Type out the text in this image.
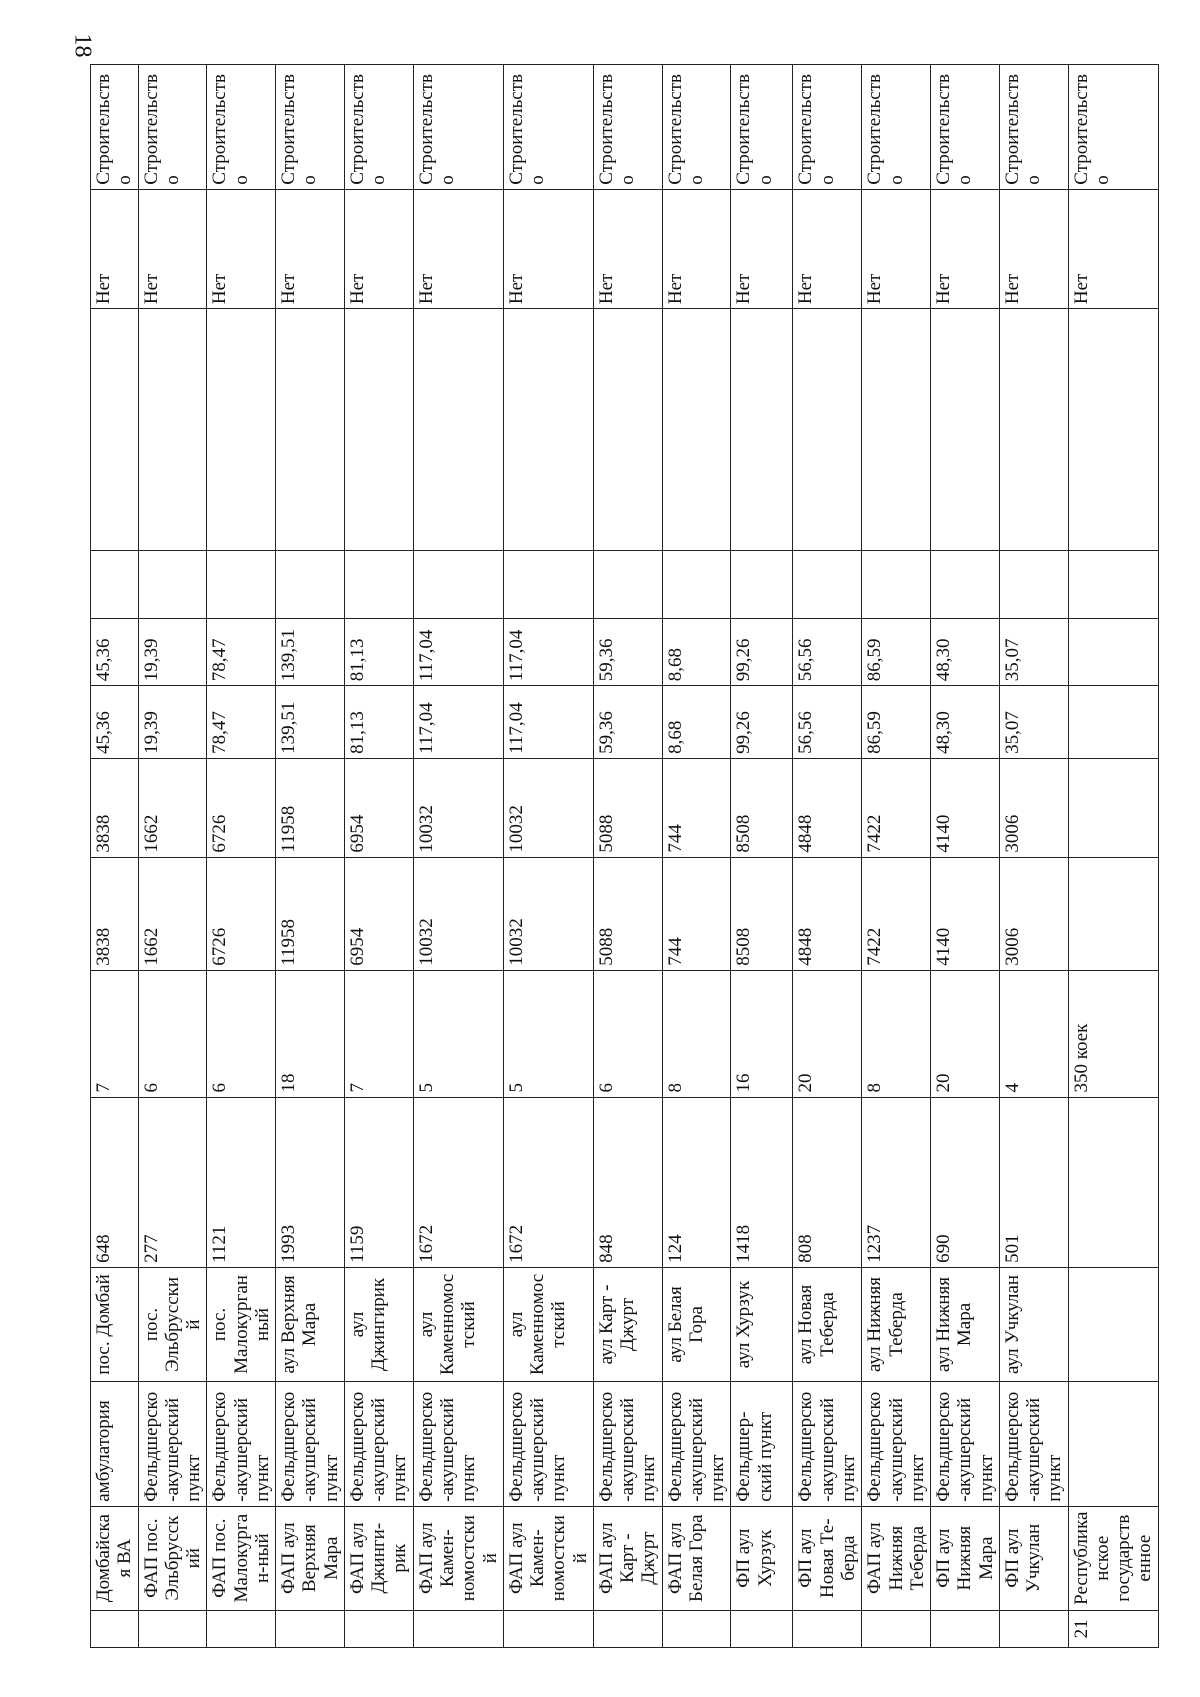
18
	Домбайская ВА	амбулатория	пос. Домбай	648	7	3838	3838	45,36	45,36			Нет	Строительство
	ФАП пос. Эльбрусский	Фельдшерско-акушерский пункт	пос. Эльбрусский	277	6	1662	1662	19,39	19,39			Нет	Строительство
	ФАП пос. Малокурган-ный	Фельдшерско-акушерский пункт	пос. Малокурганный	1121	6	6726	6726	78,47	78,47			Нет	Строительство
	ФАП аул Верхняя Мара	Фельдшерско-акушерский пункт	аул Верхняя Мара	1993	18	11958	11958	139,51	139,51			Нет	Строительство
	ФАП аул Джинги-рик	Фельдшерско-акушерский пункт	аул Джингирик	1159	7	6954	6954	81,13	81,13			Нет	Строительство
	ФАП аул Камен-номостский	Фельдшерско-акушерский пункт	аул Каменномостский	1672	5	10032	10032	117,04	117,04			Нет	Строительство
	ФАП аул Камен-номостский	Фельдшерско-акушерский пункт	аул Каменномостский	1672	5	10032	10032	117,04	117,04			Нет	Строительство
	ФАП аул Карт - Джурт	Фельдшерско-акушерский пункт	аул Карт - Джурт	848	6	5088	5088	59,36	59,36			Нет	Строительство
	ФАП аул Белая Гора	Фельдшерско-акушерский пункт	аул Белая Гора	124	8	744	744	8,68	8,68			Нет	Строительство
	ФП аул Хурзук	Фельдшер-ский пункт	аул Хурзук	1418	16	8508	8508	99,26	99,26			Нет	Строительство
	ФП аул Новая Те-берда	Фельдшерско-акушерский пункт	аул Новая Теберда	808	20	4848	4848	56,56	56,56			Нет	Строительство
	ФАП аул Нижняя Теберда	Фельдшерско-акушерский пункт	аул Нижняя Теберда	1237	8	7422	7422	86,59	86,59			Нет	Строительство
	ФП аул Нижняя Мара	Фельдшерско-акушерский пункт	аул Нижняя Мара	690	20	4140	4140	48,30	48,30			Нет	Строительство
	ФП аул Учкулан	Фельдшерско-акушерский пункт	аул Учкулан	501	4	3006	3006	35,07	35,07			Нет	Строительство
21	Республиканское государственное				350 коек							Нет	Строительство
